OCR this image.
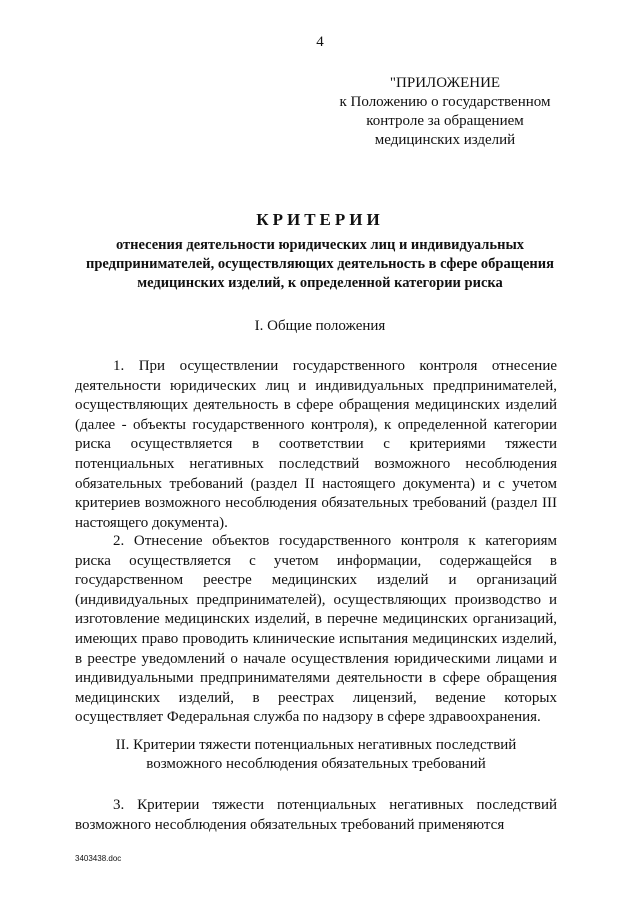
4
"ПРИЛОЖЕНИЕ
к Положению о государственном
контроле за обращением
медицинских изделий
КРИТЕРИИ
отнесения деятельности юридических лиц и индивидуальных предпринимателей, осуществляющих деятельность в сфере обращения медицинских изделий, к определенной категории риска
I. Общие положения

1. При осуществлении государственного контроля отнесение деятельности юридических лиц и индивидуальных предпринимателей, осуществляющих деятельность в сфере обращения медицинских изделий (далее - объекты государственного контроля), к определенной категории риска осуществляется в соответствии с критериями тяжести потенциальных негативных последствий возможного несоблюдения обязательных требований (раздел II настоящего документа) и с учетом критериев возможного несоблюдения обязательных требований (раздел III настоящего документа).

2. Отнесение объектов государственного контроля к категориям риска осуществляется с учетом информации, содержащейся в государственном реестре медицинских изделий и организаций (индивидуальных предпринимателей), осуществляющих производство и изготовление медицинских изделий, в перечне медицинских организаций, имеющих право проводить клинические испытания медицинских изделий, в реестре уведомлений о начале осуществления юридическими лицами и индивидуальными предпринимателями деятельности в сфере обращения медицинских изделий, в реестрах лицензий, ведение которых осуществляет Федеральная служба по надзору в сфере здравоохранения.

II. Критерии тяжести потенциальных негативных последствий
возможного несоблюдения обязательных требований

3. Критерии тяжести потенциальных негативных последствий возможного несоблюдения обязательных требований применяются

3403438.doc
